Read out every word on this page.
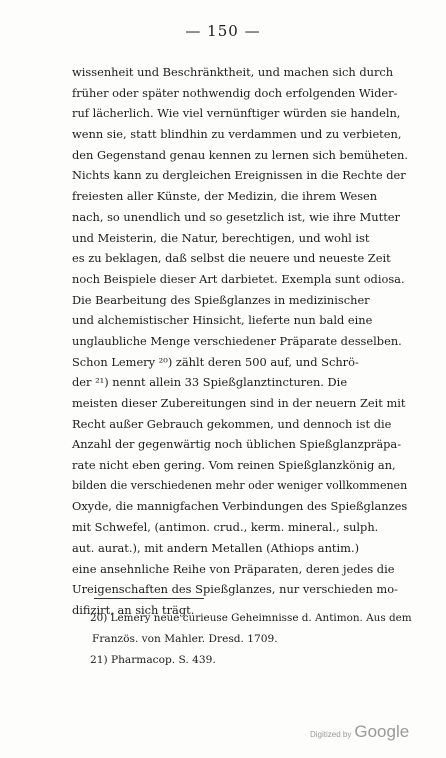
— 150 —
wissenheit und Beschränktheit, und machen sich durch
früher oder später nothwendig doch erfolgenden Wider-
ruf lächerlich. Wie viel vernünftiger würden sie handeln,
wenn sie, statt blindhin zu verdammen und zu verbieten,
den Gegenstand genau kennen zu lernen sich bemüheten.
Nichts kann zu dergleichen Ereignissen in die Rechte der
freiesten aller Künste, der Medizin, die ihrem Wesen
nach, so unendlich und so gesetzlich ist, wie ihre Mutter
und Meisterin, die Natur, berechtigen, und wohl ist
es zu beklagen, daß selbst die neuere und neueste Zeit
noch Beispiele dieser Art darbietet. Exempla sunt odiosa.
Die Bearbeitung des Spießglanzes in medizinischer
und alchemistischer Hinsicht, lieferte nun bald eine
unglaubliche Menge verschiedener Präparate desselben.
Schon Lemery ²⁰) zählt deren 500 auf, und Schrö-
der ²¹) nennt allein 33 Spießglanztincturen. Die
meisten dieser Zubereitungen sind in der neuern Zeit mit
Recht außer Gebrauch gekommen, und dennoch ist die
Anzahl der gegenwärtig noch üblichen Spießglanzpräpa-
rate nicht eben gering. Vom reinen Spießglanzkönig an,
bilden die verschiedenen mehr oder weniger vollkommenen
Oxyde, die mannigfachen Verbindungen des Spießglanzes
mit Schwefel, (antimon. crud., kerm. mineral., sulph.
aut. aurat.), mit andern Metallen (Athiops antim.)
eine ansehnliche Reihe von Präparaten, deren jedes die
Ureigenschaften des Spießglanzes, nur verschieden mo-
difizirt, an sich trägt.
20) Lemery neue curieuse Geheimnisse d. Antimon. Aus dem
Französ. von Mahler. Dresd. 1709.
21) Pharmacop. S. 439.
Digitized by Google
